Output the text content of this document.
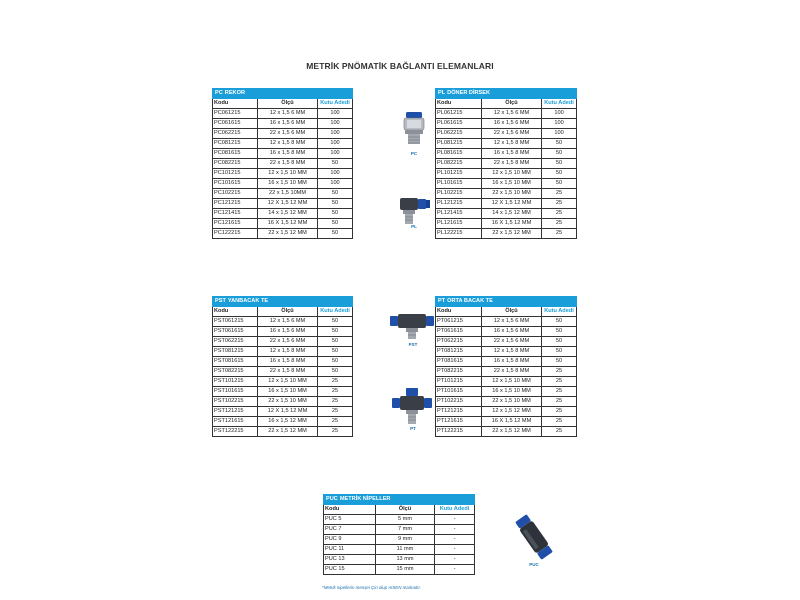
METRİK PNÖMATİK BAĞLANTI ELEMANLARI
PC REKOR		
Kodu	Ölçü	Kutu Adedi
PC061215	12 x 1,5 6 MM	100
PC061615	16 x 1,5 6 MM	100
PC062215	22 x 1,5 6 MM	100
PC081215	12 x 1,5 8 MM	100
PC081615	16 x 1,5 8 MM	100
PC082215	22 x 1,5 8 MM	50
PC101215	12 x 1,5 10 MM	100
PC101615	16 x 1,5 10 MM	100
PC102215	22 x 1,5 10MM	50
PC121215	12 X 1,5 12 MM	50
PC121415	14 x 1,5 12 MM	50
PC121615	16 X 1,5 12 MM	50
PC122215	22 x 1,5 12 MM	50
PL DÖNER DİRSEK		
Kodu	Ölçü	Kutu Adedi
PL061215	12 x 1,5 6 MM	100
PL061615	16 x 1,5 6 MM	100
PL062215	22 x 1,5 6 MM	100
PL081215	12 x 1,5 8 MM	50
PL081615	16 x 1,5 8 MM	50
PL082215	22 x 1,5 8 MM	50
PL101215	12 x 1,5 10 MM	50
PL101615	16 x 1,5 10 MM	50
PL102215	22 x 1,5 10 MM	25
PL121215	12 X 1,5 12 MM	25
PL121415	14 x 1,5 12 MM	25
PL121615	16 X 1,5 12 MM	25
PL122215	22 x 1,5 12 MM	25
PST YANBACAK TE		
Kodu	Ölçü	Kutu Adedi
PST061215	12 x 1,5 6 MM	50
PST061615	16 x 1,5 6 MM	50
PST062215	22 x 1,5 6 MM	50
PST081215	12 x 1,5 8 MM	50
PST081615	16 x 1,5 8 MM	50
PST082215	22 x 1,5 8 MM	50
PST101215	12 x 1,5 10 MM	25
PST101615	16 x 1,5 10 MM	25
PST102215	22 x 1,5 10 MM	25
PST121215	12 X 1,5 12 MM	25
PST121615	16 x 1,5 12 MM	25
PST122215	22 x 1,5 12 MM	25
PT ORTA BACAK TE		
Kodu	Ölçü	Kutu Adedi
PT061215	12 x 1,5 6 MM	50
PT061615	16 x 1,5 6 MM	50
PT062215	22 x 1,5 6 MM	50
PT081215	12 x 1,5 8 MM	50
PT081615	16 x 1,5 8 MM	50
PT082215	22 x 1,5 8 MM	25
PT101215	12 x 1,5 10 MM	25
PT101615	16 x 1,5 10 MM	25
PT102215	22 x 1,5 10 MM	25
PT121215	12 x 1,5 12 MM	25
PT121615	16 X 1,5 12 MM	25
PT122215	22 x 1,5 12 MM	25
PUC METRİK NİPELLER		
Kodu	Ölçü	Kutu Adedi
PUC 5	5 mm	-
PUC 7	7 mm	-
PUC 9	9 mm	-
PUC 11	11 mm	-
PUC 13	13 mm	-
PUC 15	15 mm	-
PC
PL
PST
PT
PUC
*Metrik nipellerin menşei Çin olup AISEN markadır.
